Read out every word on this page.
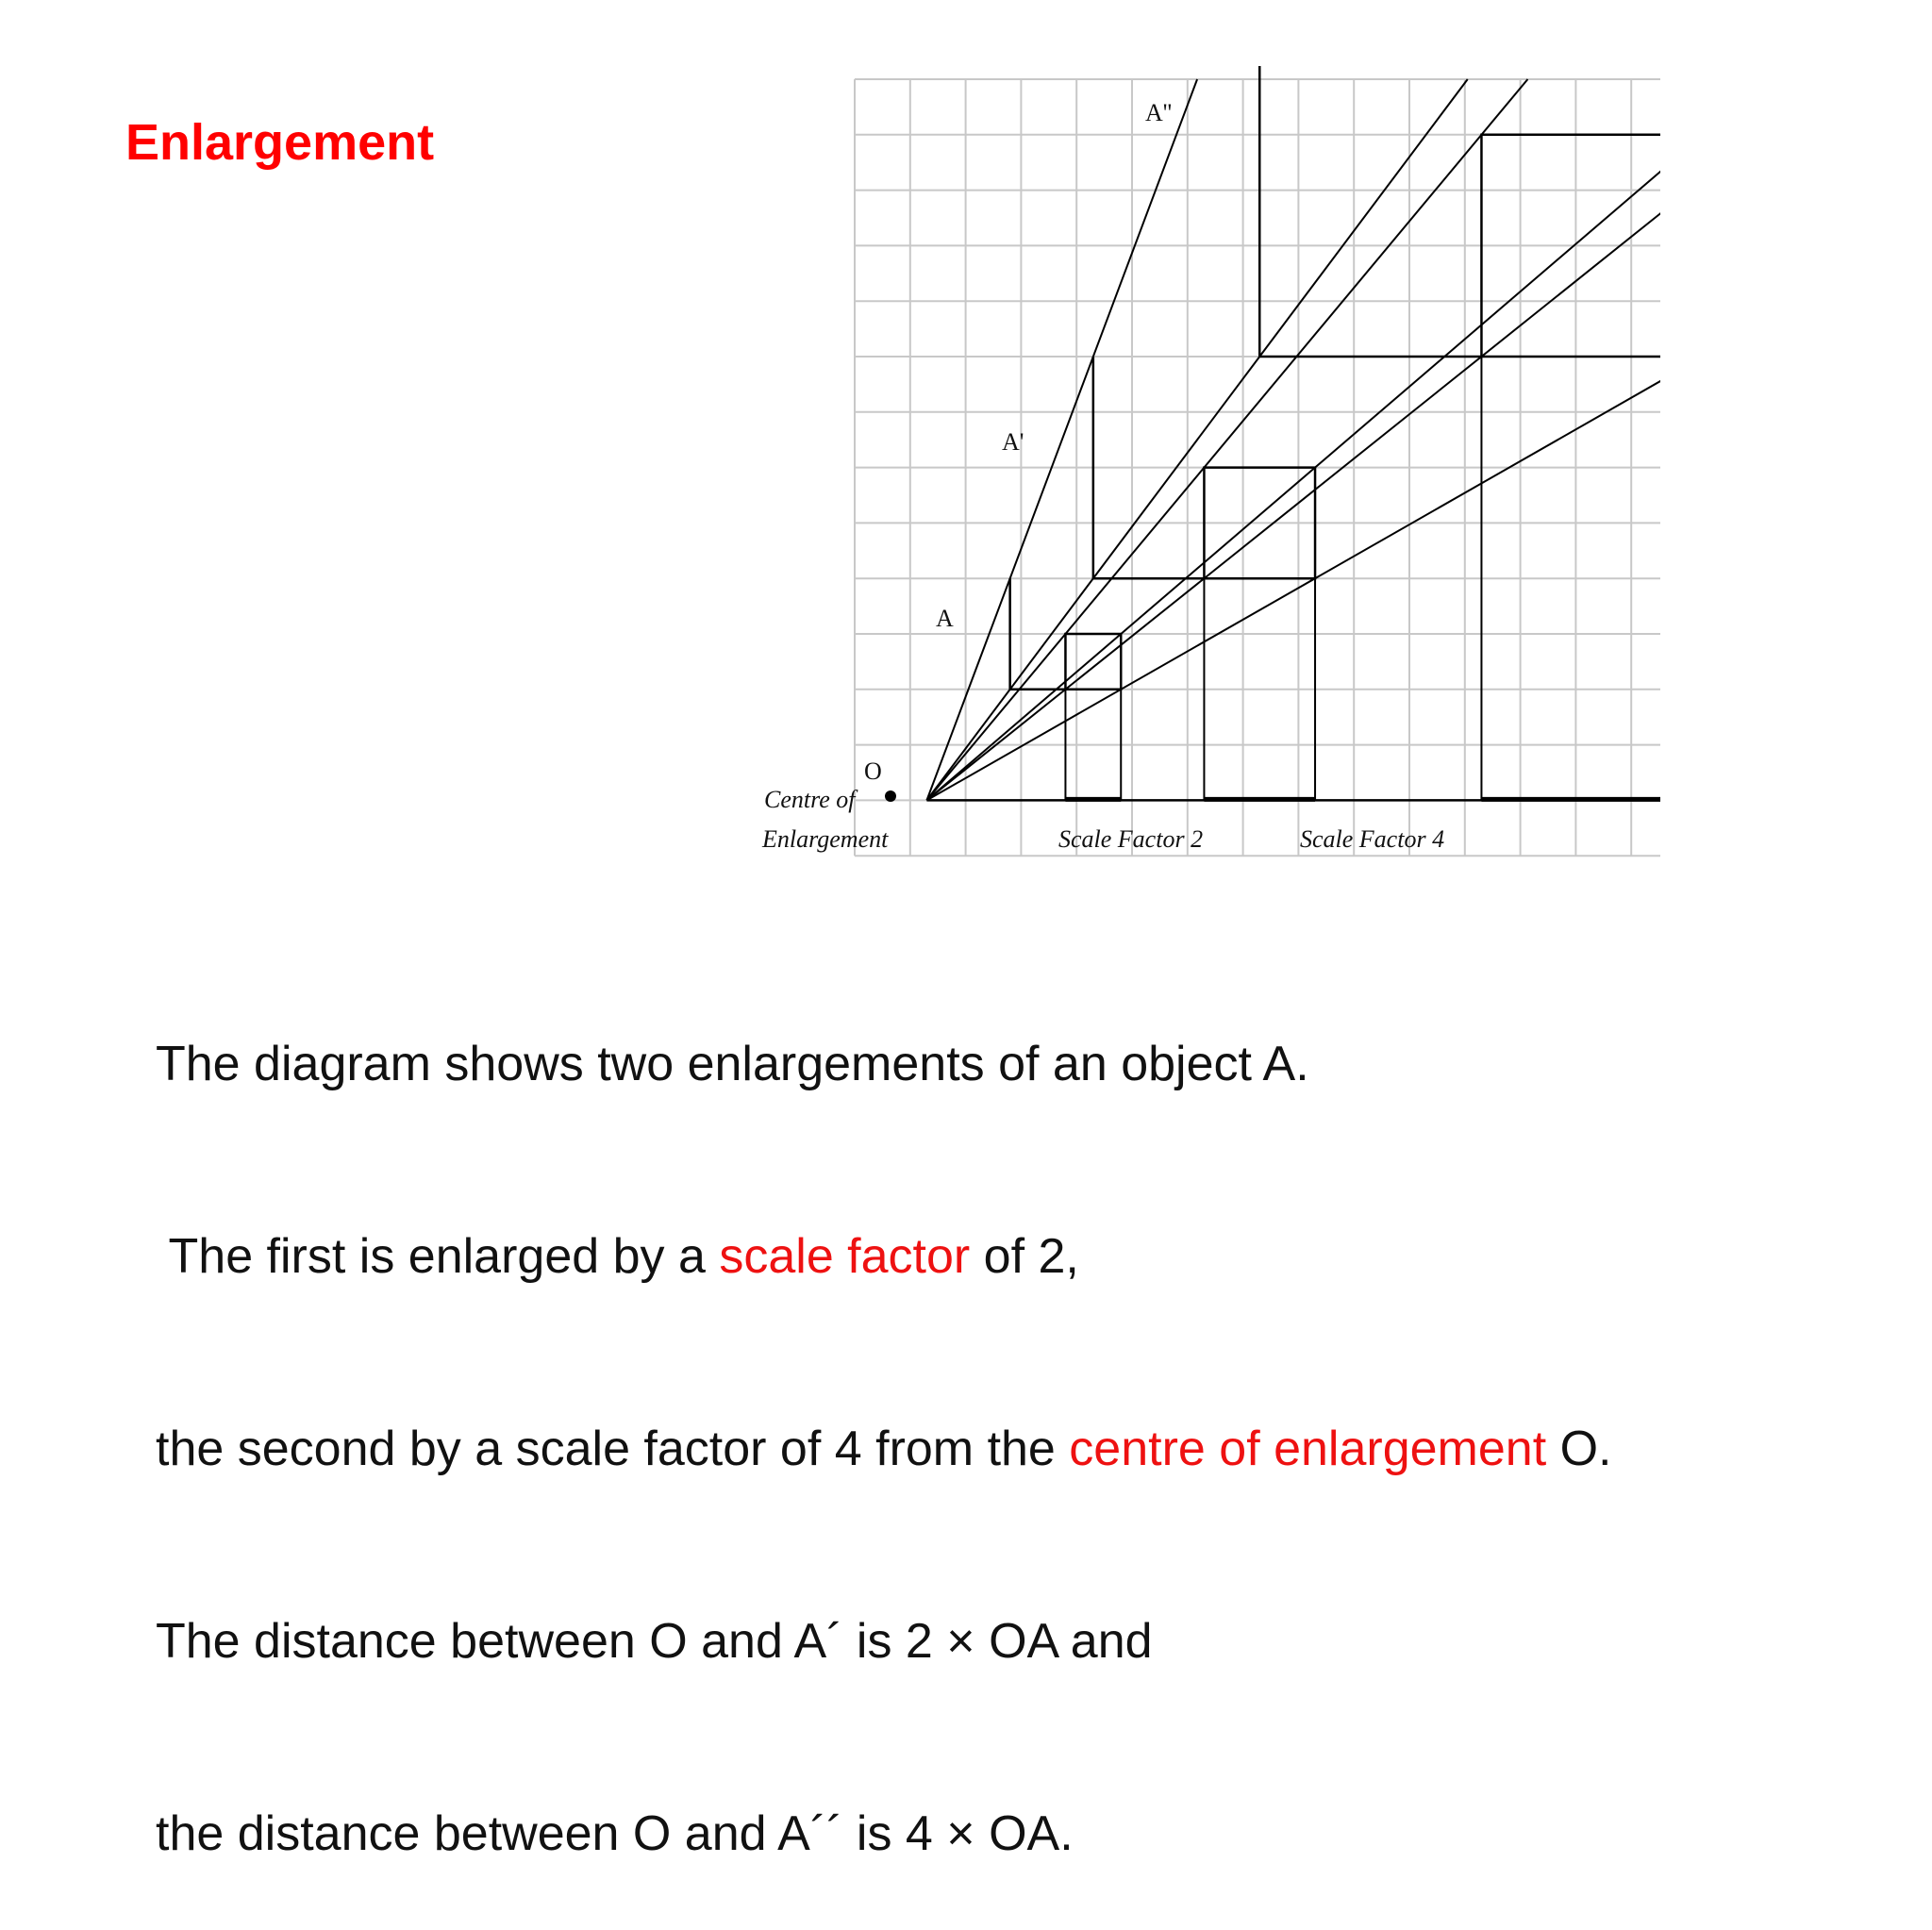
Enlargement
A
A'
A''
O
Centre of
Enlargement	Scale Factor 2	Scale Factor 4

The diagram shows two enlargements of an object A.

The first is enlarged by a scale factor of 2,

the second by a scale factor of 4 from the centre of enlargement O.

The distance between O and A´ is 2 × OA and

the distance between O and A´´ is 4 × OA.
